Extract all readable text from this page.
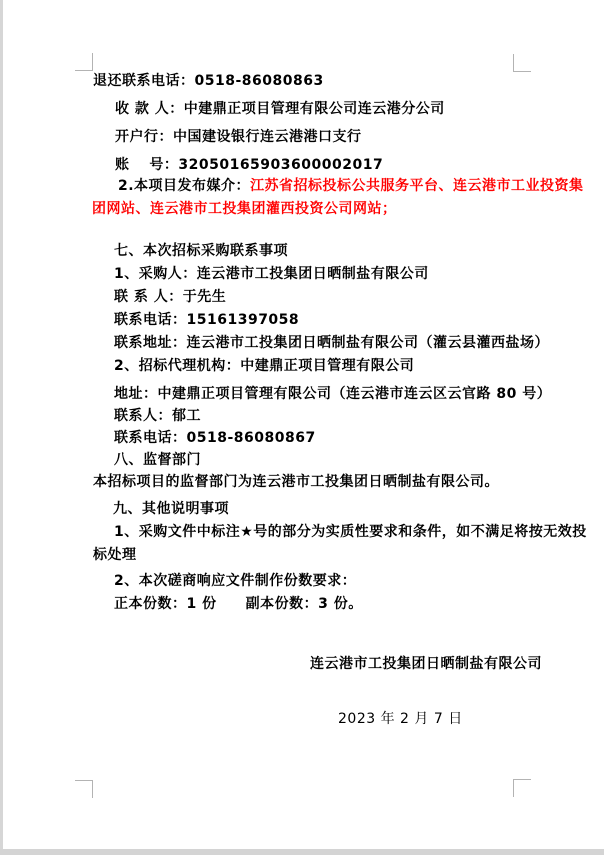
退还联系电话：0518-86080863
收 款 人：中建鼎正项目管理有限公司连云港分公司
开户行：中国建设银行连云港港口支行
账　 号：32050165903600002017
2.本项目发布媒介：江苏省招标投标公共服务平台、连云港市工业投资集
团网站、连云港市工投集团灌西投资公司网站；
七、本次招标采购联系事项
1、采购人：连云港市工投集团日晒制盐有限公司
联 系 人：于先生
联系电话：15161397058
联系地址：连云港市工投集团日晒制盐有限公司（灌云县灌西盐场）
2、招标代理机构：中建鼎正项目管理有限公司
地址：中建鼎正项目管理有限公司（连云港市连云区云官路 80 号）
联系人：郁工
联系电话：0518-86080867
八、监督部门
本招标项目的监督部门为连云港市工投集团日晒制盐有限公司。
九、其他说明事项
1、采购文件中标注★号的部分为实质性要求和条件，如不满足将按无效投
标处理
2、本次磋商响应文件制作份数要求：
正本份数：1 份　　副本份数：3 份。
连云港市工投集团日晒制盐有限公司
2023 年 2 月 7 日
